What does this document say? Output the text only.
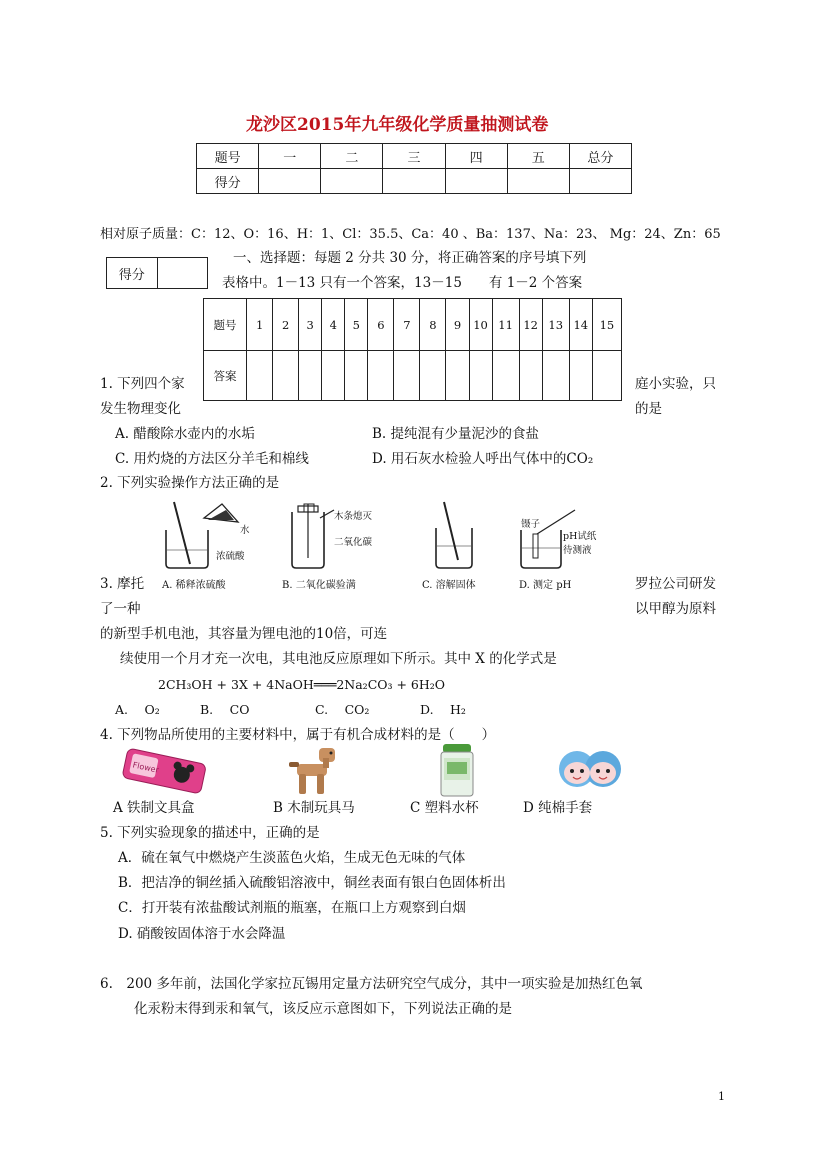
龙沙区2015年九年级化学质量抽测试卷
题号	一	二	三	四	五	总分
得分						
相对原子质量：C：12、O：16、H：1、Cl：35.5、Ca：40 、Ba：137、Na：23、 Mg：24、Zn：65
得分	
一、选择题：每题 2 分共 30 分，将正确答案的序号填下列
表格中。1－13 只有一个答案，13－15　　有 1－2 个答案
题号	1	2	3	4	5	6	7	8	9	10	11	12	13	14	15
答案															
1. 下列四个家	庭小实验，只
发生物理变化	的是
A. 醋酸除水壶内的水垢	B. 提纯混有少量泥沙的食盐
C. 用灼烧的方法区分羊毛和棉线	D. 用石灰水检验人呼出气体中的CO₂
2. 下列实验操作方法正确的是
水
浓硫酸
A. 稀释浓硫酸
木条熄灭
二氧化碳
B. 二氧化碳验满	C. 溶解固体
镊子
pH试纸
待测液
D. 测定 pH
3. 摩托	罗拉公司研发
了一种	以甲醇为原料
的新型手机电池，其容量为锂电池的10倍，可连
续使用一个月才充一次电，其电池反应原理如下所示。其中 X 的化学式是
2CH₃OH + 3X + 4NaOH═══2Na₂CO₃ + 6H₂O
A.　 O₂	B.　 CO	C.　 CO₂	D.　 H₂
4. 下列物品所使用的主要材料中，属于有机合成材料的是（　　）
Flower
A 铁制文具盒	B 木制玩具马	C 塑料水杯	D 纯棉手套
5. 下列实验现象的描述中，正确的是
A．硫在氧气中燃烧产生淡蓝色火焰，生成无色无味的气体
B．把洁净的铜丝插入硫酸铝溶液中，铜丝表面有银白色固体析出
C．打开装有浓盐酸试剂瓶的瓶塞，在瓶口上方观察到白烟
D. 硝酸铵固体溶于水会降温
6.　200 多年前，法国化学家拉瓦锡用定量方法研究空气成分，其中一项实验是加热红色氧
化汞粉末得到汞和氧气，该反应示意图如下，下列说法正确的是
1
